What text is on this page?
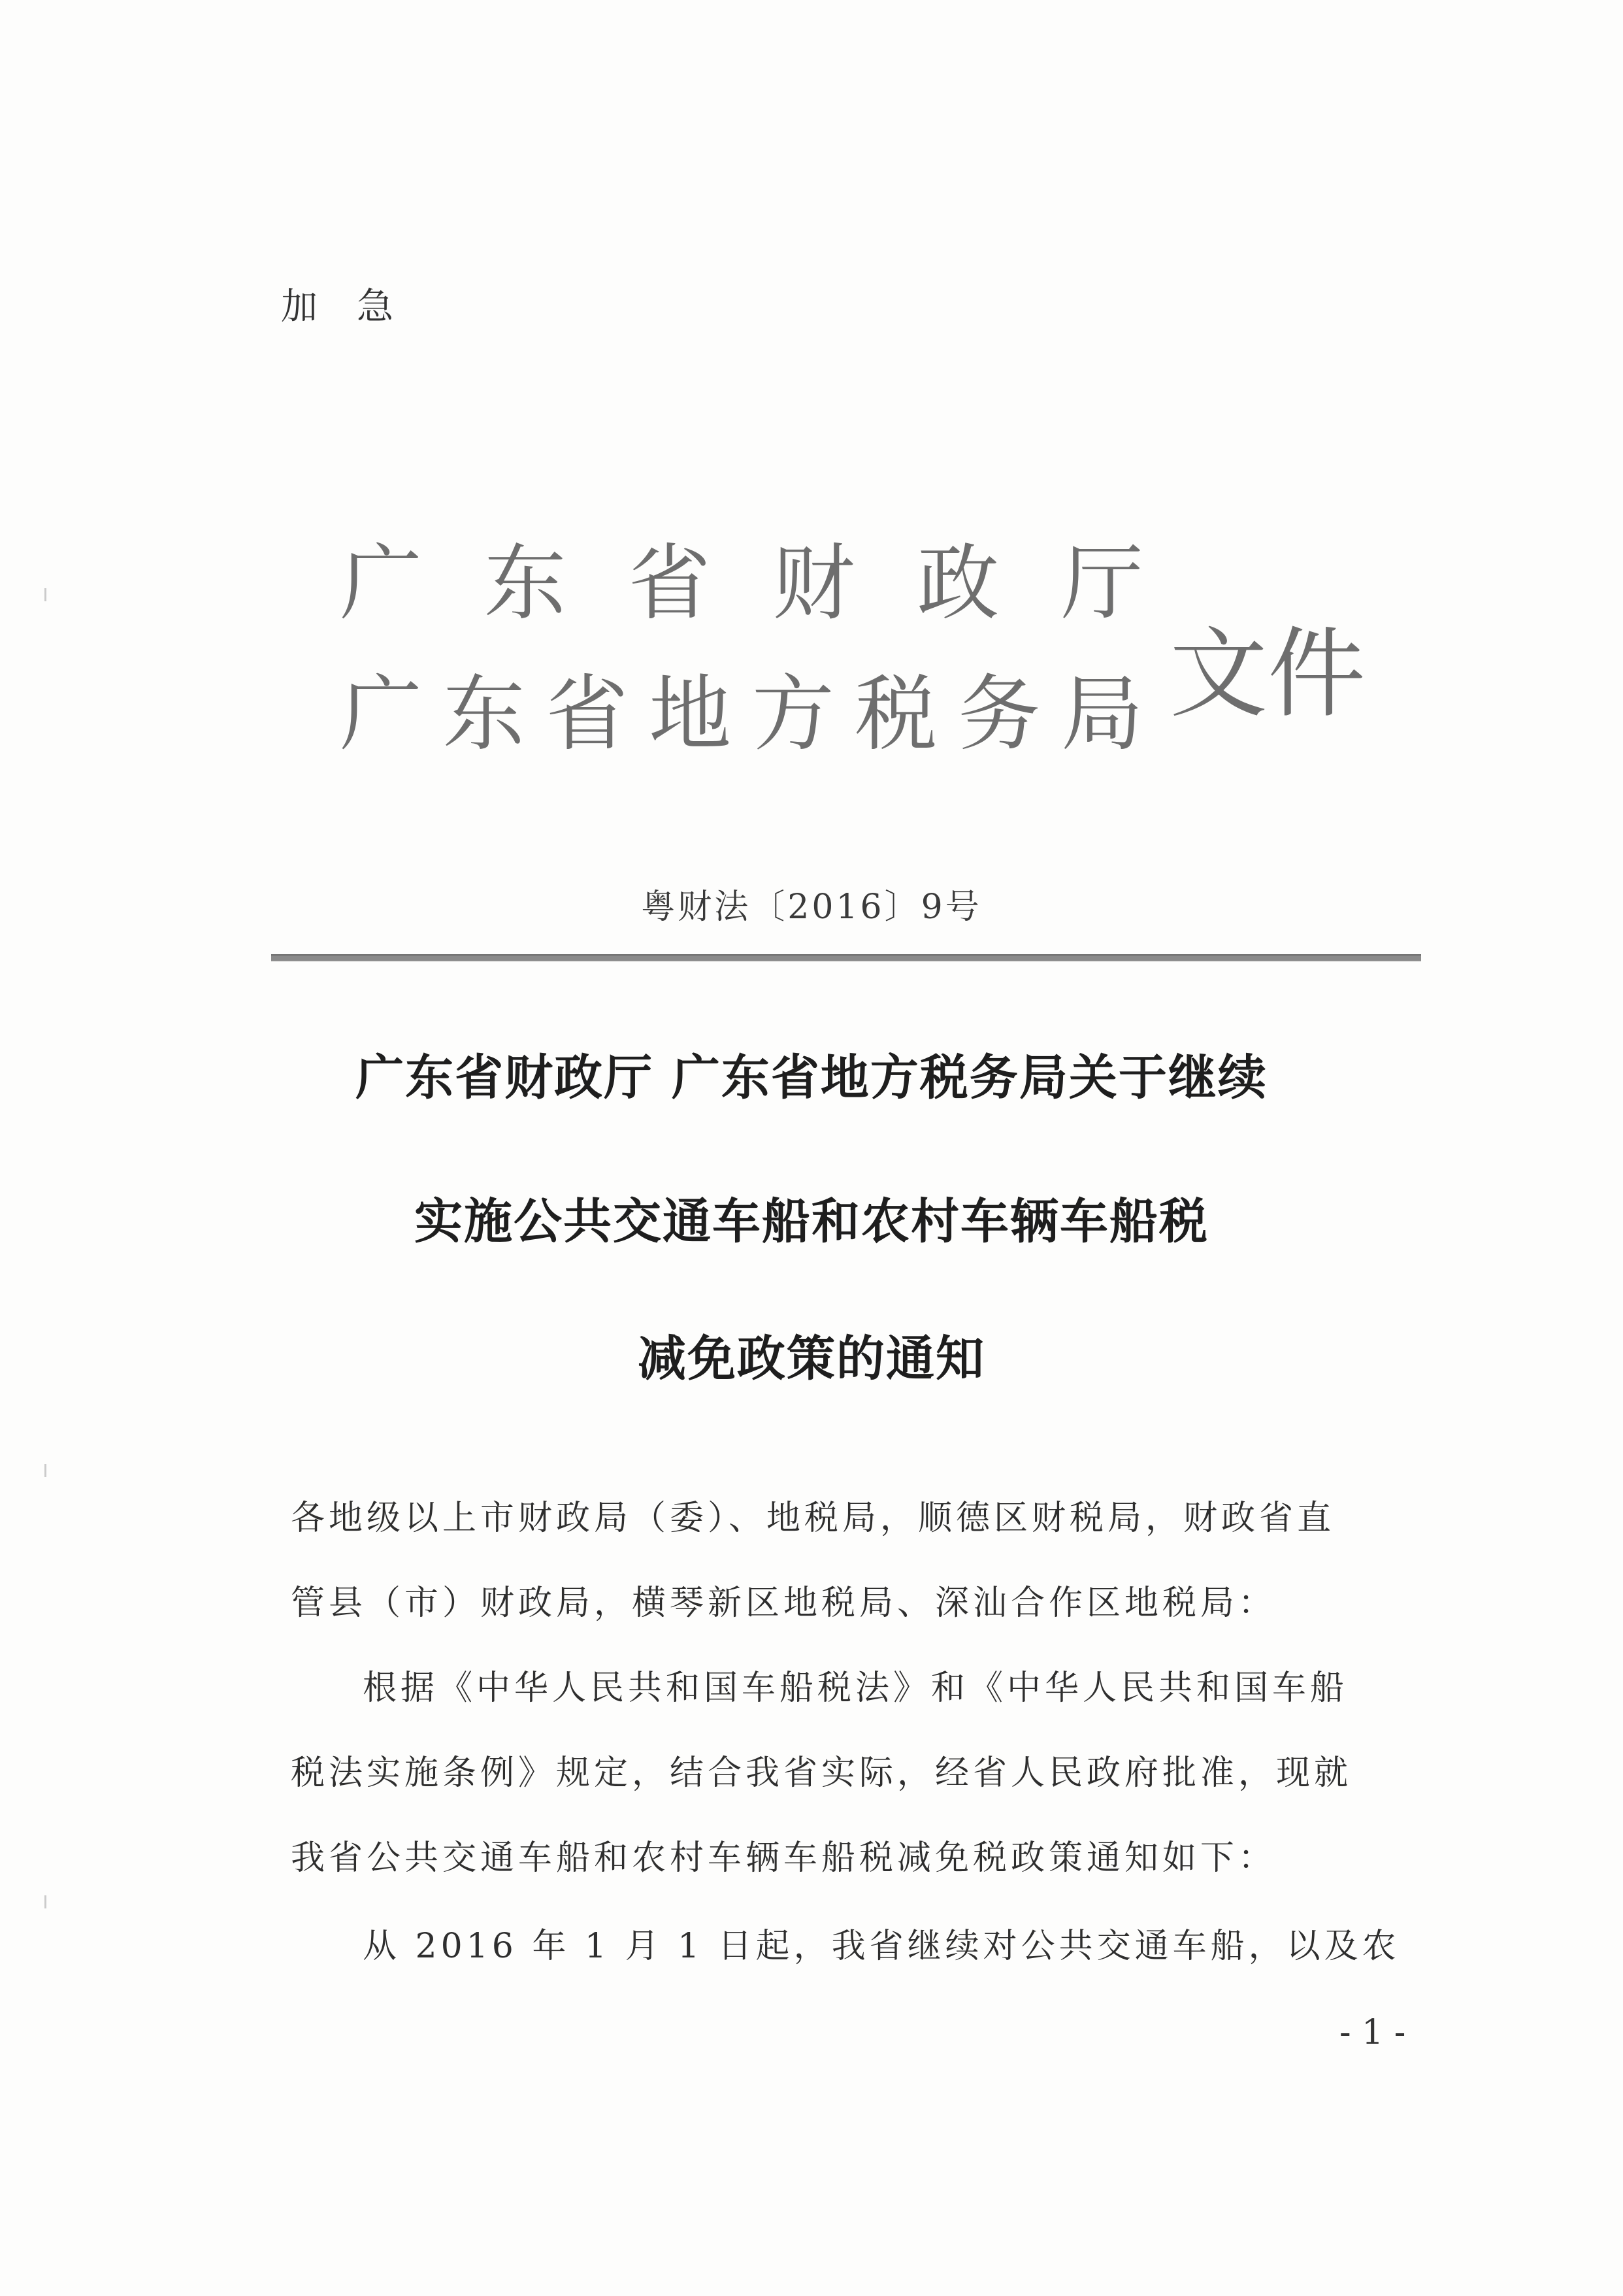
加急
广 东 省 财 政 厅
广 东 省 地 方 税 务 局 文件
粤财法〔2016〕9号
广东省财政厅 广东省地方税务局关于继续
实施公共交通车船和农村车辆车船税
减免政策的通知
各地级以上市财政局（委）、地税局，顺德区财税局，财政省直
管县（市）财政局，横琴新区地税局、深汕合作区地税局：
根据《中华人民共和国车船税法》和《中华人民共和国车船
税法实施条例》规定，结合我省实际，经省人民政府批准，现就
我省公共交通车船和农村车辆车船税减免税政策通知如下：
从 2016 年 1 月 1 日起，我省继续对公共交通车船，以及农
- 1 -
